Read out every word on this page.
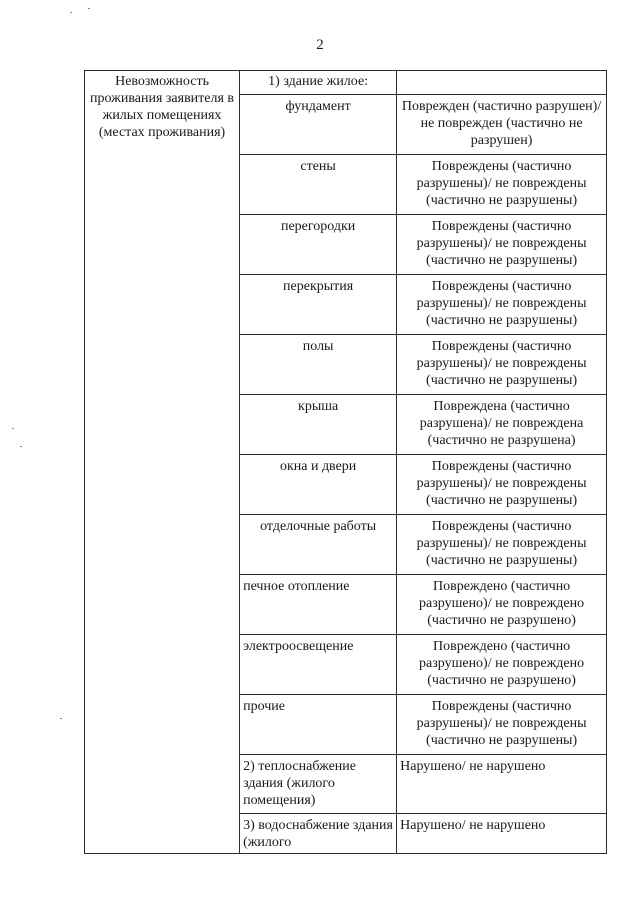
2
Невозможность проживания заявителя в жилых помещениях (местах проживания)	1) здание жилое:	
	фундамент	Поврежден (частично разрушен)/ не поврежден (частично не разрушен)
	стены	Повреждены (частично разрушены)/ не повреждены (частично не разрушены)
	перегородки	Повреждены (частично разрушены)/ не повреждены (частично не разрушены)
	перекрытия	Повреждены (частично разрушены)/ не повреждены (частично не разрушены)
	полы	Повреждены (частично разрушены)/ не повреждены (частично не разрушены)
	крыша	Повреждена (частично разрушена)/ не повреждена (частично не разрушена)
	окна и двери	Повреждены (частично разрушены)/ не повреждены (частично не разрушены)
	отделочные работы	Повреждены (частично разрушены)/ не повреждены (частично не разрушены)
	печное отопление	Повреждено (частично разрушено)/ не повреждено (частично не разрушено)
	электроосвещение	Повреждено (частично разрушено)/ не повреждено (частично не разрушено)
	прочие	Повреждены (частично разрушены)/ не повреждены (частично не разрушены)
	2) теплоснабжение здания (жилого помещения)	Нарушено/ не нарушено
	3) водоснабжение здания (жилого	Нарушено/ не нарушено
